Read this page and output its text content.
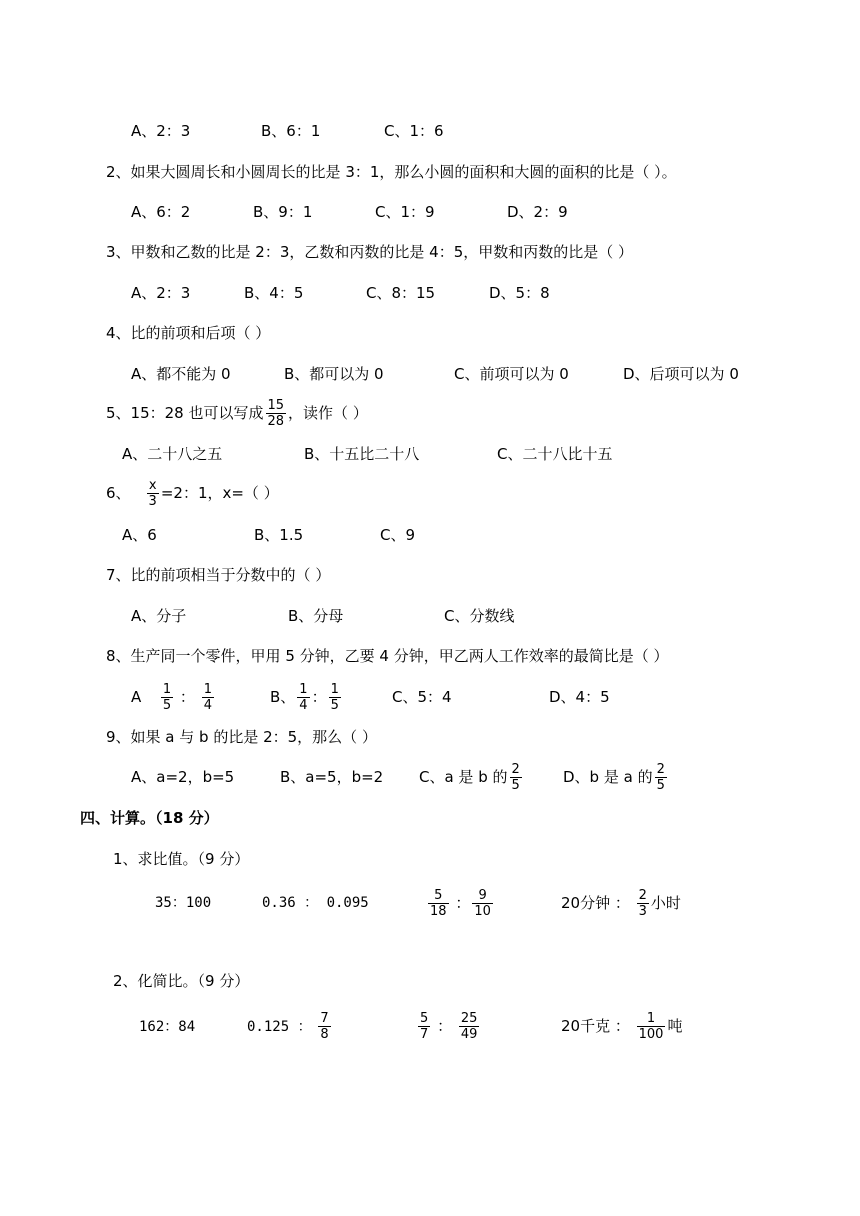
A、2：3	B、6：1	C、1：6
2、如果大圆周长和小圆周长的比是 3：1，那么小圆的面积和大圆的面积的比是（ ）。
A、6：2	B、9：1	C、1：9	D、2：9
3、甲数和乙数的比是 2：3，乙数和丙数的比是 4：5，甲数和丙数的比是（ ）
A、2：3	B、4：5	C、8：15	D、5：8
4、比的前项和后项（ ）
A、都不能为 0	B、都可以为 0	C、前项可以为 0	D、后项可以为 0
5、15：28 也可以写成 $\frac{15}{28}$ ，读作（ ）
A、二十八之五	B、十五比二十八	C、二十八比十五
6、 $\frac{x}{3} =2$：1，x=（ ）
A、6	B、1.5	C、9
7、比的前项相当于分数中的（ ）
A、分子	B、分母	C、分数线
8、生产同一个零件，甲用 5 分钟，乙要 4 分钟，甲乙两人工作效率的最简比是（ ）
A $\frac{1}{5}$ ： $\frac{1}{4}$	B、 $\frac{1}{4}$ ： $\frac{1}{5}$	C、5：4	D、4：5
9、如果 a 与 b 的比是 2：5，那么（ ）
A、a=2，b=5	B、a=5，b=2 C、a 是 b 的 $\frac{2}{5}$	D、b 是 a 的 $\frac{2}{5}$
四、计算。（18 分）
1、求比值。（9 分）
35：100	0.36 ： 0.095	$\frac{5}{18}$ ： $\frac{9}{10}$	20分钟 ： $\frac{2}{3}$ 小时
2、化简比。（9 分）
162：84	0.125 ： $\frac{7}{8}$	$\frac{5}{7}$ ： $\frac{25}{49}$	20千克 ： $\frac{1}{100}$ 吨
